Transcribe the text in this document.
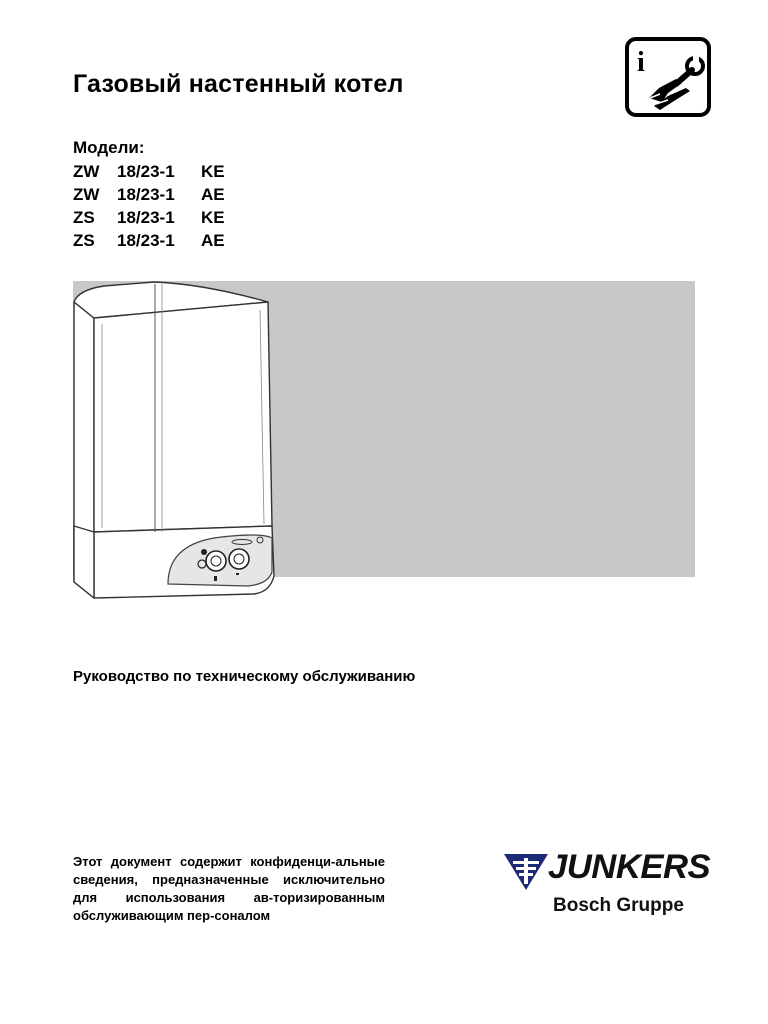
Газовый настенный котел
i
Модели:
ZW	18/23-1	KE
ZW	18/23-1	AE
ZS	18/23-1	KE
ZS	18/23-1	AE
Руководство по техническому обслуживанию
Этот документ содержит конфиденци-альные сведения, предназначенные исключительно для использования ав-торизированным обслуживающим пер-соналом
JUNKERS
Bosch Gruppe
